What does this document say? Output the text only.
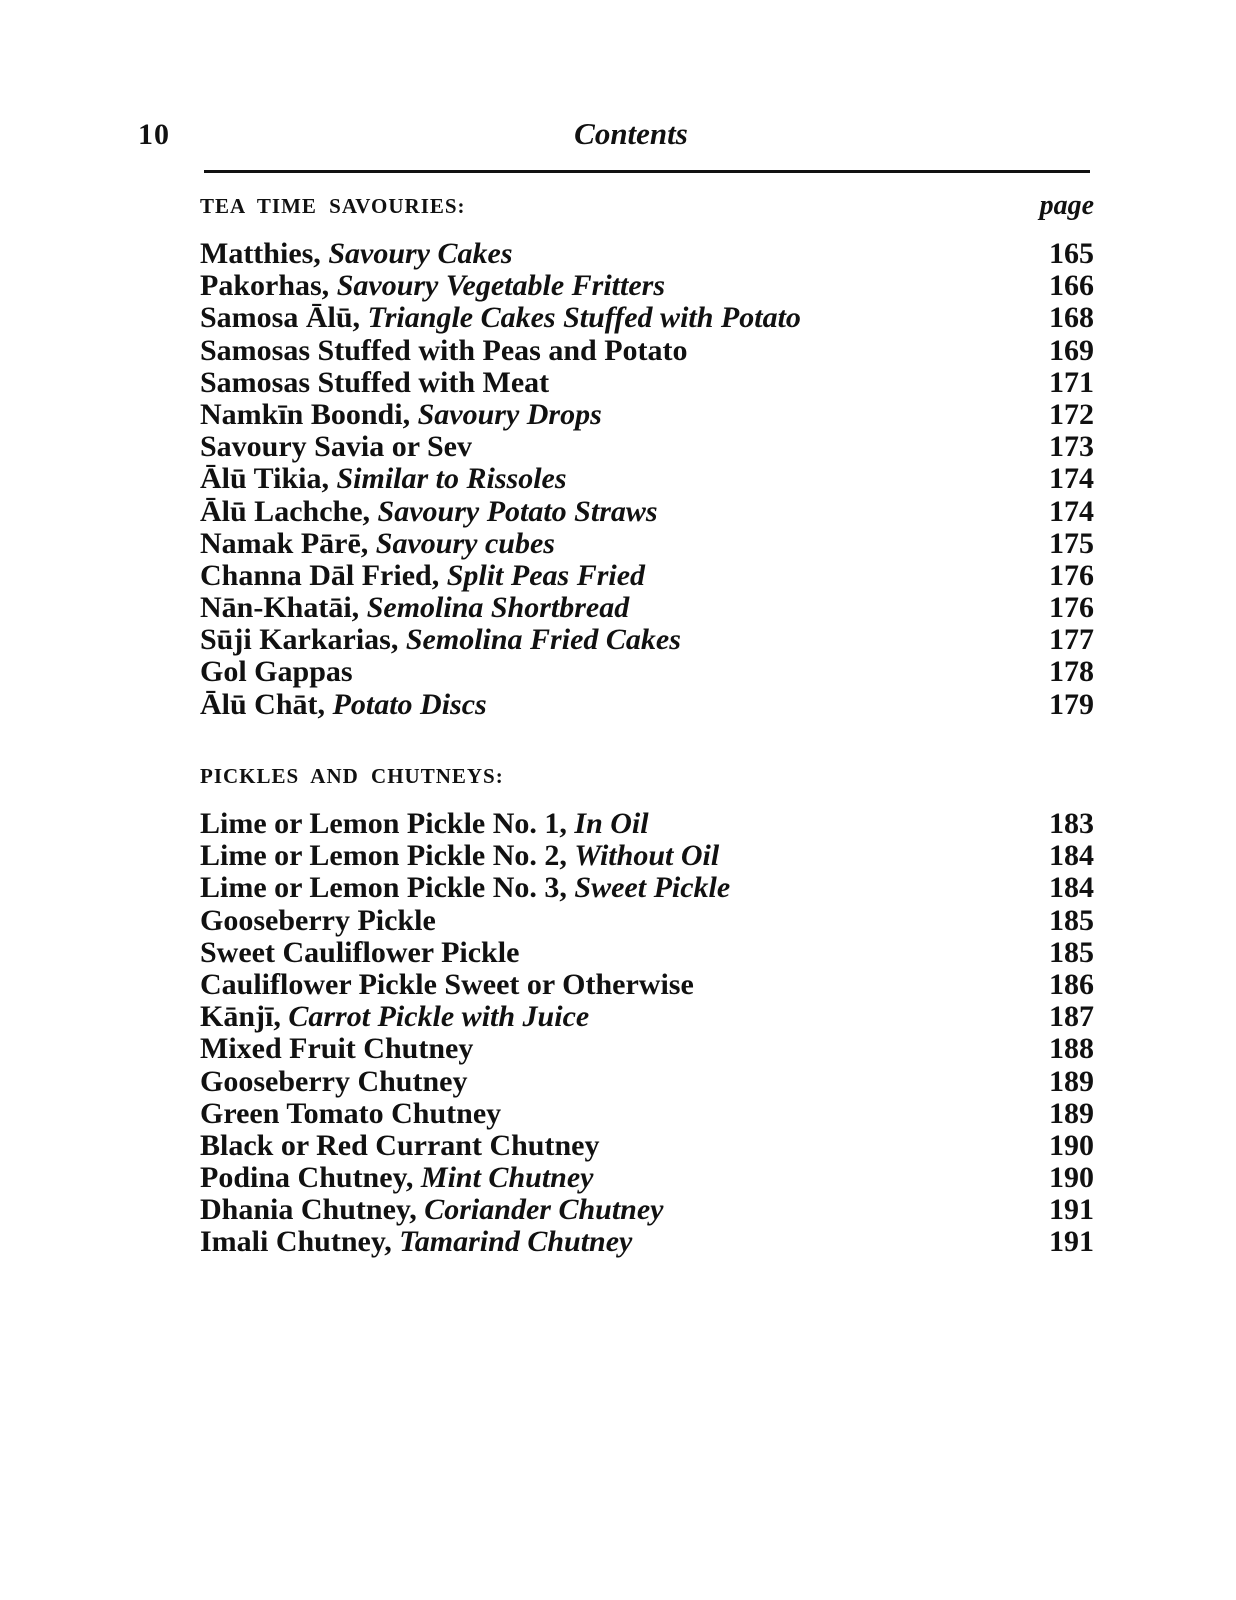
10	Contents
TEA TIME SAVOURIES:	page
Matthies, Savoury Cakes	165
Pakorhas, Savoury Vegetable Fritters	166
Samosa Ālū, Triangle Cakes Stuffed with Potato	168
Samosas Stuffed with Peas and Potato	169
Samosas Stuffed with Meat	171
Namkīn Boondi, Savoury Drops	172
Savoury Savia or Sev	173
Ālū Tikia, Similar to Rissoles	174
Ālū Lachche, Savoury Potato Straws	174
Namak Pārē, Savoury cubes	175
Channa Dāl Fried, Split Peas Fried	176
Nān-Khatāi, Semolina Shortbread	176
Sūji Karkarias, Semolina Fried Cakes	177
Gol Gappas	178
Ālū Chāt, Potato Discs	179
PICKLES AND CHUTNEYS:
Lime or Lemon Pickle No. 1, In Oil	183
Lime or Lemon Pickle No. 2, Without Oil	184
Lime or Lemon Pickle No. 3, Sweet Pickle	184
Gooseberry Pickle	185
Sweet Cauliflower Pickle	185
Cauliflower Pickle Sweet or Otherwise	186
Kānjī, Carrot Pickle with Juice	187
Mixed Fruit Chutney	188
Gooseberry Chutney	189
Green Tomato Chutney	189
Black or Red Currant Chutney	190
Podina Chutney, Mint Chutney	190
Dhania Chutney, Coriander Chutney	191
Imali Chutney, Tamarind Chutney	191
